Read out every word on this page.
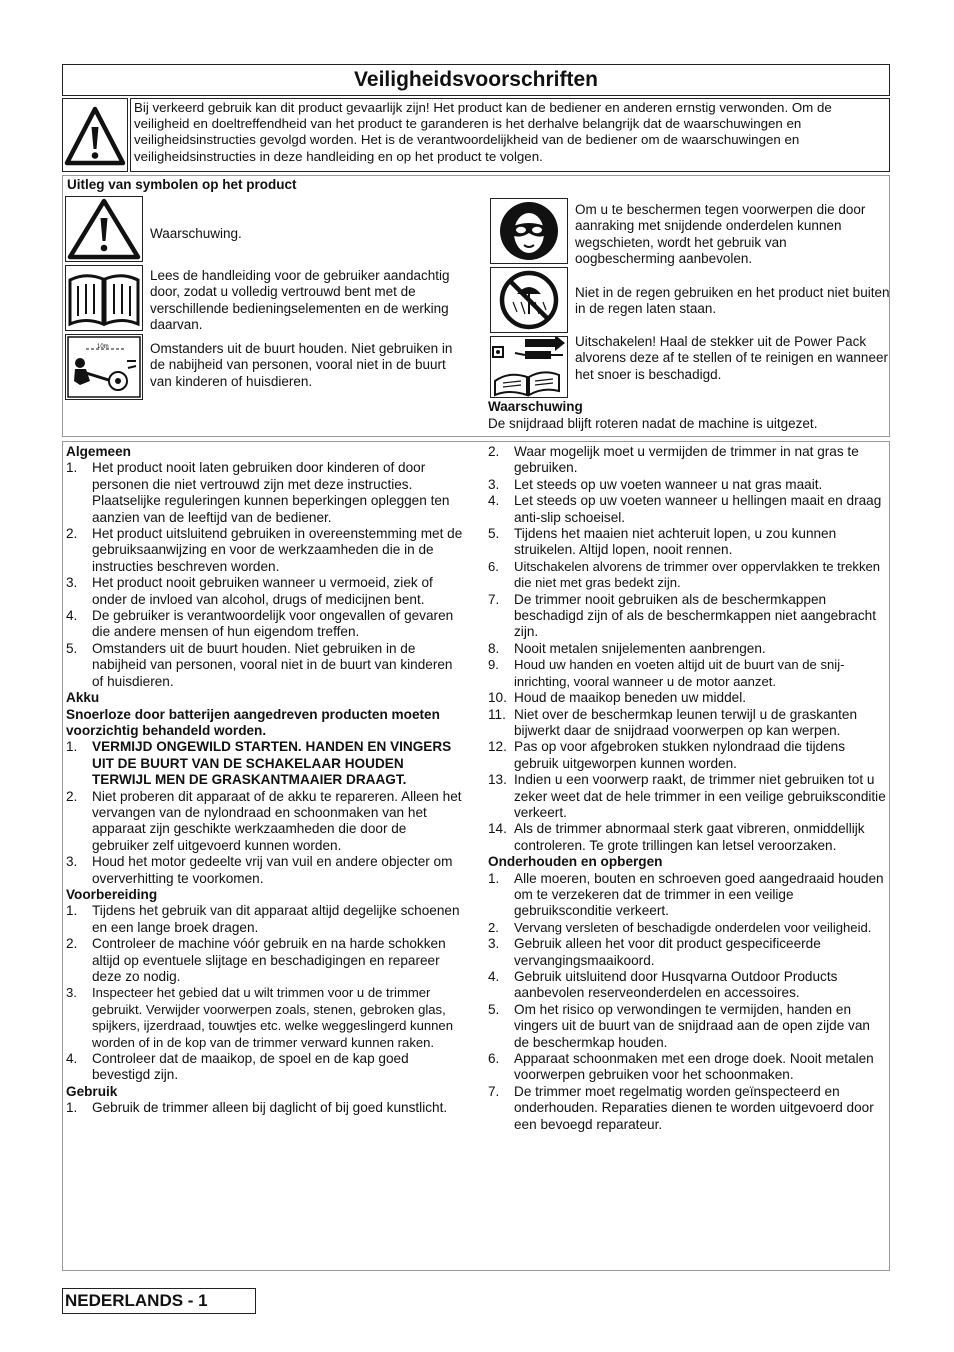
Veiligheidsvoorschriften
Bij verkeerd gebruik kan dit product gevaarlijk zijn! Het product kan de bediener en anderen ernstig verwonden. Om de veiligheid en doeltreffendheid van het product te garanderen is het derhalve belangrijk dat de waarschuwingen en veiligheidsinstructies gevolgd worden. Het is de verantwoordelijkheid van de bediener om de waarschuwingen en veiligheidsinstructies in deze handleiding en op het product te volgen.
Uitleg van symbolen op het product
Waarschuwing.
Lees de handleiding voor de gebruiker aandachtig door, zodat u volledig vertrouwd bent met de verschillende bedieningselementen en de werking daarvan.
10m	Omstanders uit de buurt houden. Niet gebruiken in de nabijheid van personen, vooral niet in de buurt van kinderen of huisdieren.
Om u te beschermen tegen voorwerpen die door aanraking met snijdende onderdelen kunnen wegschieten, wordt het gebruik van oogbescherming aanbevolen.
Niet in de regen gebruiken en het product niet buiten in de regen laten staan.
Uitschakelen! Haal de stekker uit de Power Pack alvorens deze af te stellen of te reinigen en wanneer het snoer is beschadigd.
Waarschuwing
De snijdraad blijft roteren nadat de machine is uitgezet.
Algemeen
1. Het product nooit laten gebruiken door kinderen of door personen die niet vertrouwd zijn met deze instructies. Plaatselijke reguleringen kunnen beperkingen opleggen ten aanzien van de leeftijd van de bediener.
2. Het product uitsluitend gebruiken in overeenstemming met de gebruiksaanwijzing en voor de werkzaamheden die in de instructies beschreven worden.
3. Het product nooit gebruiken wanneer u vermoeid, ziek of onder de invloed van alcohol, drugs of medicijnen bent.
4. De gebruiker is verantwoordelijk voor ongevallen of gevaren die andere mensen of hun eigendom treffen.
5. Omstanders uit de buurt houden. Niet gebruiken in de nabijheid van personen, vooral niet in de buurt van kinderen of huisdieren.
Akku
Snoerloze door batterijen aangedreven producten moeten voorzichtig behandeld worden.
1. VERMIJD ONGEWILD STARTEN. HANDEN EN VINGERS UIT DE BUURT VAN DE SCHAKELAAR HOUDEN TERWIJL MEN DE GRASKANTMAAIER DRAAGT.
2. Niet proberen dit apparaat of de akku te repareren. Alleen het vervangen van de nylondraad en schoonmaken van het apparaat zijn geschikte werkzaamheden die door de gebruiker zelf uitgevoerd kunnen worden.
3. Houd het motor gedeelte vrij van vuil en andere objecter om oververhitting te voorkomen.
Voorbereiding
1. Tijdens het gebruik van dit apparaat altijd degelijke schoenen en een lange broek dragen.
2. Controleer de machine vóór gebruik en na harde schokken altijd op eventuele slijtage en beschadigingen en repareer deze zo nodig.
3. Inspecteer het gebied dat u wilt trimmen voor u de trimmer gebruikt. Verwijder voorwerpen zoals, stenen, gebroken glas, spijkers, ijzerdraad, touwtjes etc. welke weggeslingerd kunnen worden of in de kop van de trimmer verward kunnen raken.
4. Controleer dat de maaikop, de spoel en de kap goed bevestigd zijn.
Gebruik
1. Gebruik de trimmer alleen bij daglicht of bij goed kunstlicht.
2. Waar mogelijk moet u vermijden de trimmer in nat gras te gebruiken.
3. Let steeds op uw voeten wanneer u nat gras maait.
4. Let steeds op uw voeten wanneer u hellingen maait en draag anti-slip schoeisel.
5. Tijdens het maaien niet achteruit lopen, u zou kunnen struikelen. Altijd lopen, nooit rennen.
6. Uitschakelen alvorens de trimmer over oppervlakken te trekken die niet met gras bedekt zijn.
7. De trimmer nooit gebruiken als de beschermkappen beschadigd zijn of als de beschermkappen niet aangebracht zijn.
8. Nooit metalen snijelementen aanbrengen.
9. Houd uw handen en voeten altijd uit de buurt van de snij-inrichting, vooral wanneer u de motor aanzet.
10. Houd de maaikop beneden uw middel.
11. Niet over de beschermkap leunen terwijl u de graskanten bijwerkt daar de snijdraad voorwerpen op kan werpen.
12. Pas op voor afgebroken stukken nylondraad die tijdens gebruik uitgeworpen kunnen worden.
13. Indien u een voorwerp raakt, de trimmer niet gebruiken tot u zeker weet dat de hele trimmer in een veilige gebruiksconditie verkeert.
14. Als de trimmer abnormaal sterk gaat vibreren, onmiddellijk controleren. Te grote trillingen kan letsel veroorzaken.
Onderhouden en opbergen
1. Alle moeren, bouten en schroeven goed aangedraaid houden om te verzekeren dat de trimmer in een veilige gebruiksconditie verkeert.
2. Vervang versleten of beschadigde onderdelen voor veiligheid.
3. Gebruik alleen het voor dit product gespecificeerde vervangingsmaaikoord.
4. Gebruik uitsluitend door Husqvarna Outdoor Products aanbevolen reserveonderdelen en accessoires.
5. Om het risico op verwondingen te vermijden, handen en vingers uit de buurt van de snijdraad aan de open zijde van de beschermkap houden.
6. Apparaat schoonmaken met een droge doek. Nooit metalen voorwerpen gebruiken voor het schoonmaken.
7. De trimmer moet regelmatig worden geïnspecteerd en onderhouden. Reparaties dienen te worden uitgevoerd door een bevoegd reparateur.
NEDERLANDS - 1
